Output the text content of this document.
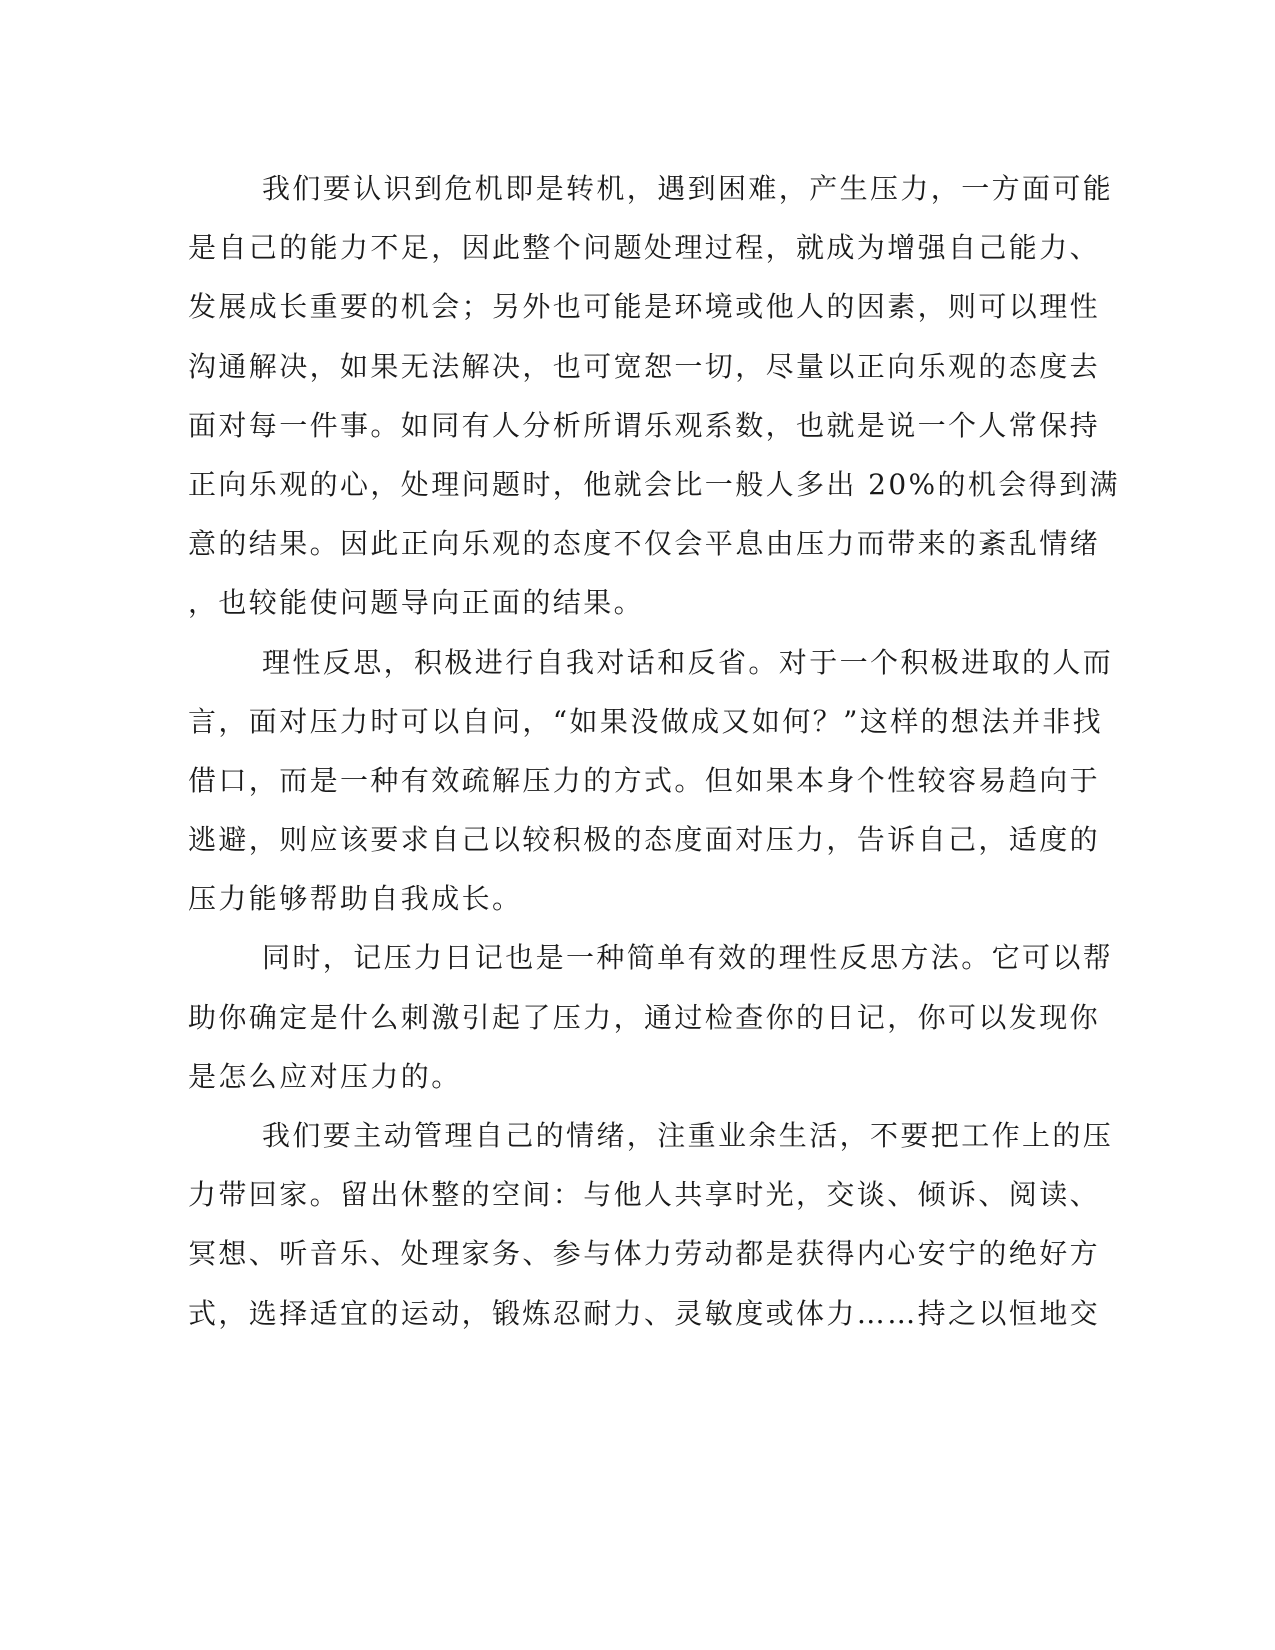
我们要认识到危机即是转机，遇到困难，产生压力，一方面可能
是自己的能力不足，因此整个问题处理过程，就成为增强自己能力、
发展成长重要的机会；另外也可能是环境或他人的因素，则可以理性
沟通解决，如果无法解决，也可宽恕一切，尽量以正向乐观的态度去
面对每一件事。如同有人分析所谓乐观系数，也就是说一个人常保持
正向乐观的心，处理问题时，他就会比一般人多出 20%的机会得到满
意的结果。因此正向乐观的态度不仅会平息由压力而带来的紊乱情绪
，也较能使问题导向正面的结果。
理性反思，积极进行自我对话和反省。对于一个积极进取的人而
言，面对压力时可以自问，“如果没做成又如何？”这样的想法并非找
借口，而是一种有效疏解压力的方式。但如果本身个性较容易趋向于
逃避，则应该要求自己以较积极的态度面对压力，告诉自己，适度的
压力能够帮助自我成长。
同时，记压力日记也是一种简单有效的理性反思方法。它可以帮
助你确定是什么刺激引起了压力，通过检查你的日记，你可以发现你
是怎么应对压力的。
我们要主动管理自己的情绪，注重业余生活，不要把工作上的压
力带回家。留出休整的空间：与他人共享时光，交谈、倾诉、阅读、
冥想、听音乐、处理家务、参与体力劳动都是获得内心安宁的绝好方
式，选择适宜的运动，锻炼忍耐力、灵敏度或体力……持之以恒地交
